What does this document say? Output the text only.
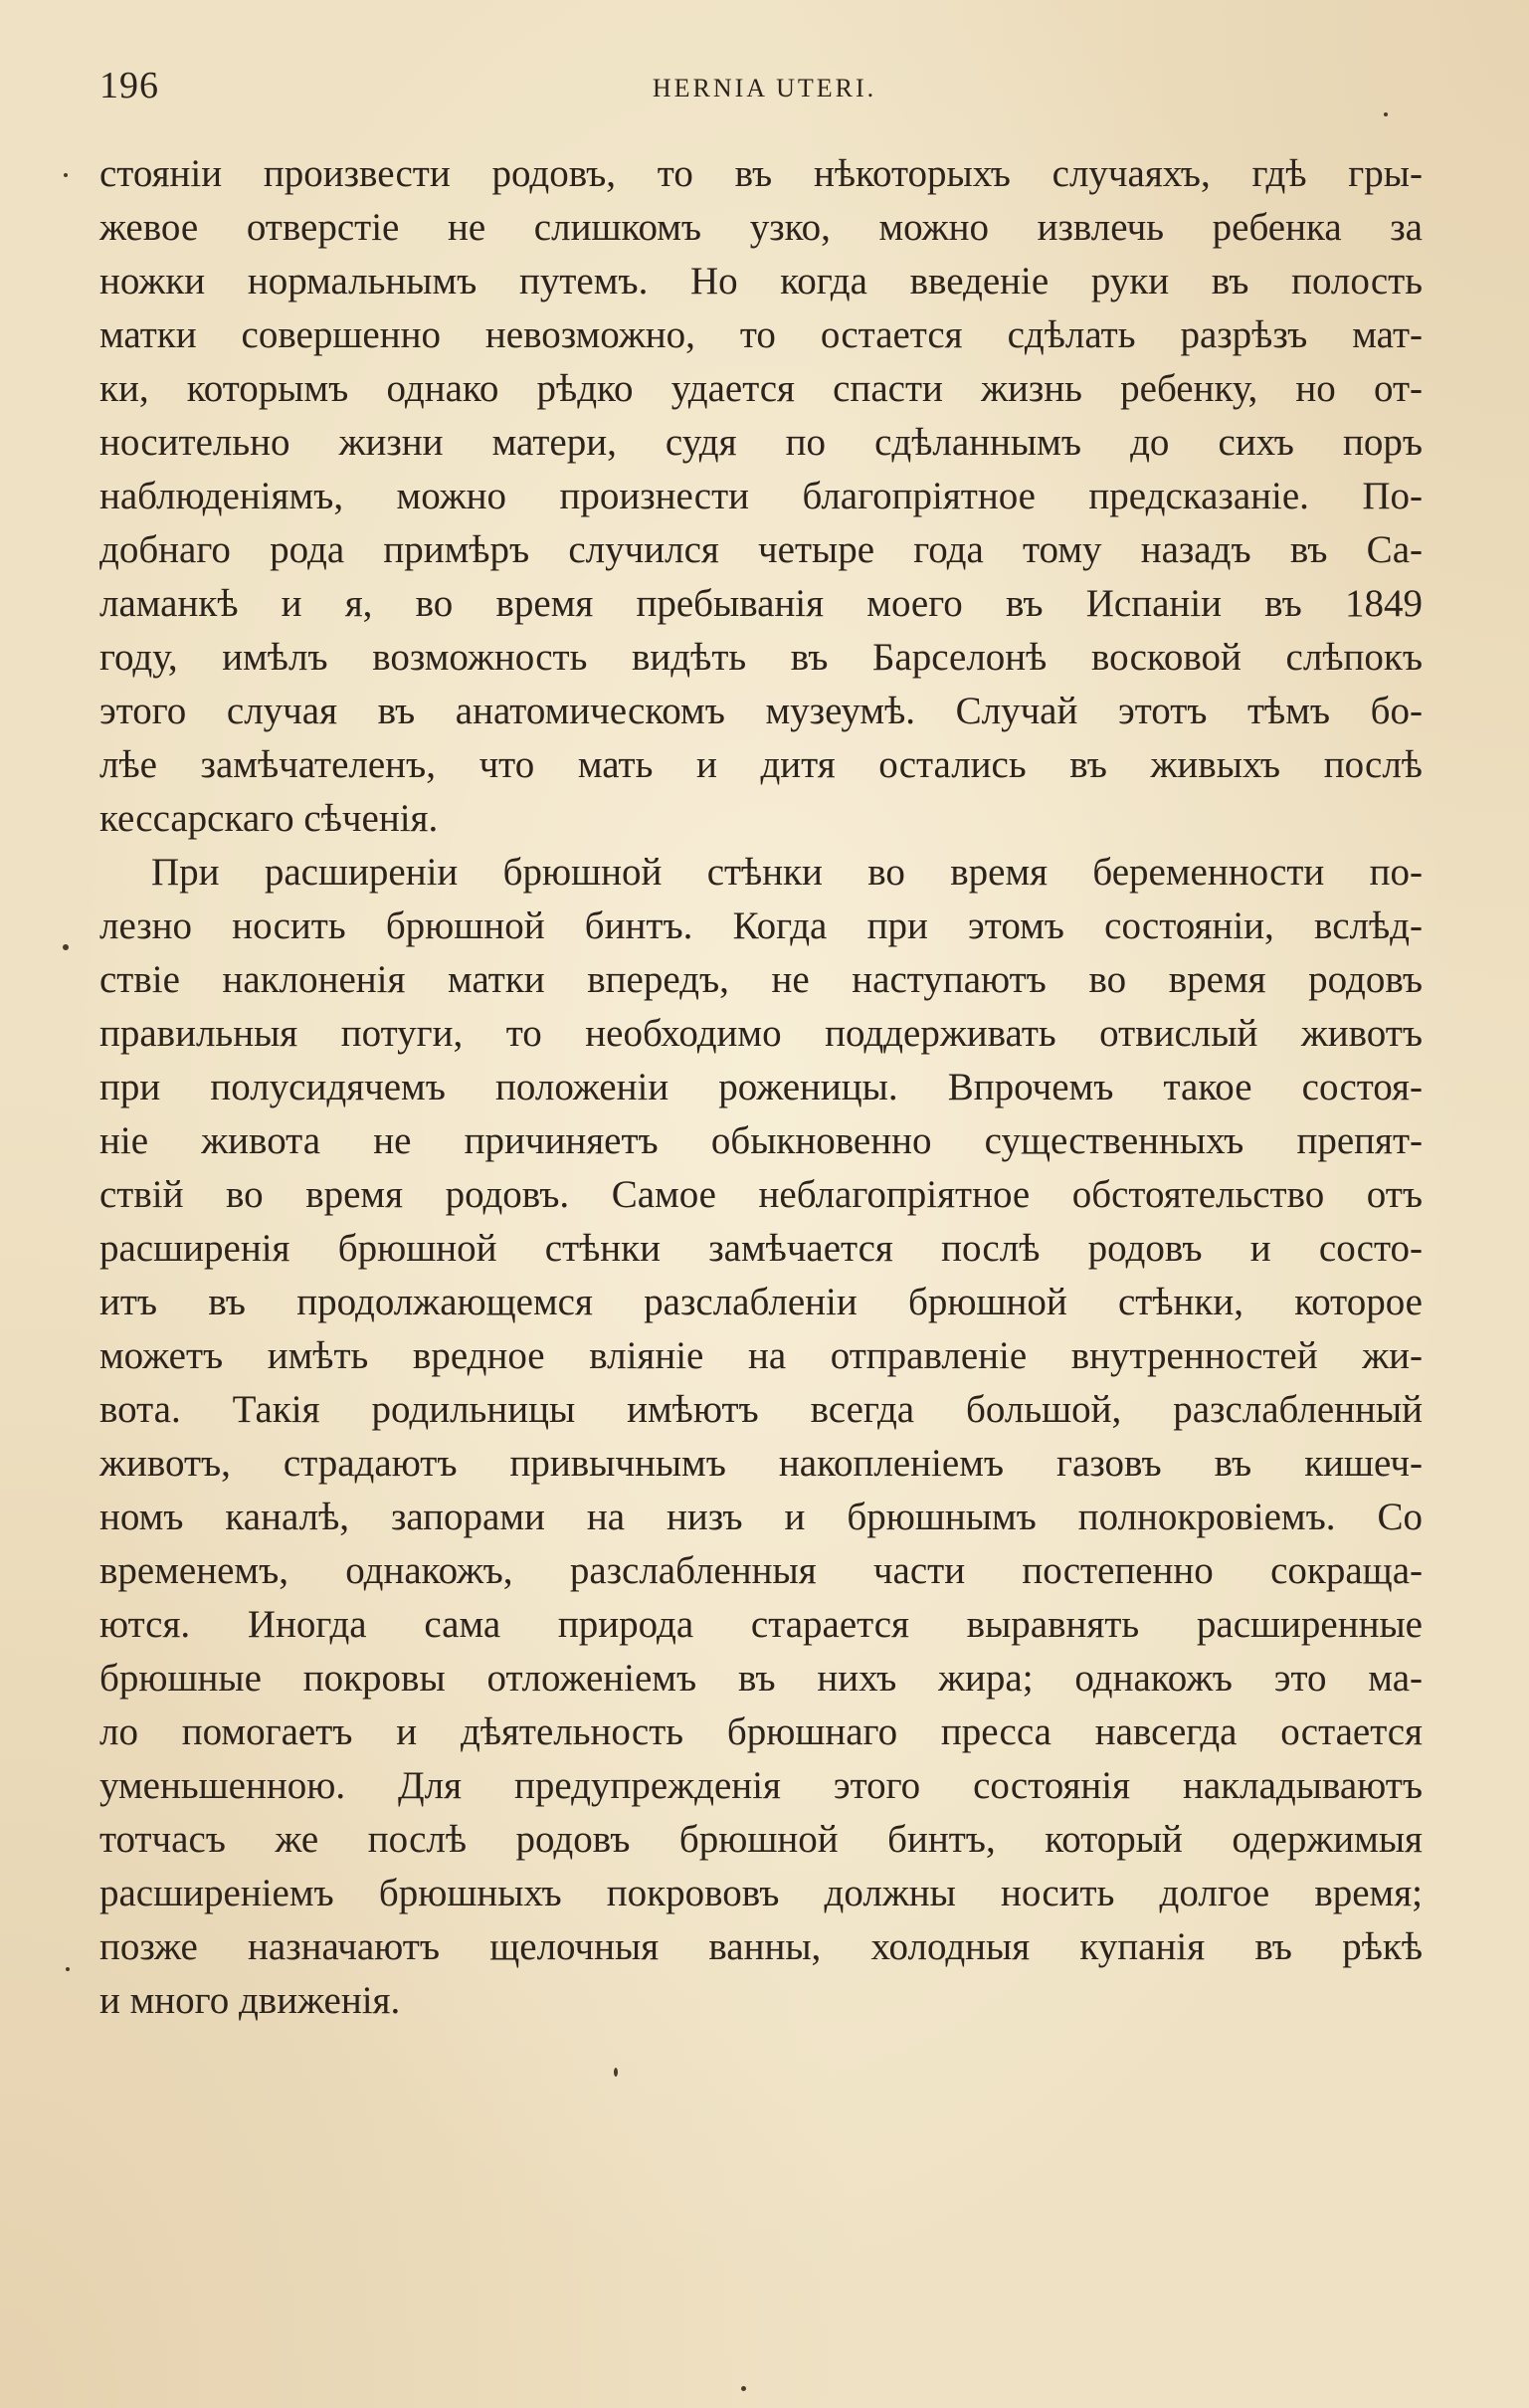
196	HERNIA UTERI.
стояніи произвести родовъ, то въ нѣкоторыхъ случаяхъ, гдѣ гры-
жевое отверстіе не слишкомъ узко, можно извлечь ребенка за
ножки нормальнымъ путемъ. Но когда введеніе руки въ полость
матки совершенно невозможно, то остается сдѣлать разрѣзъ мат-
ки, которымъ однако рѣдко удается спасти жизнь ребенку, но от-
носительно жизни матери, судя по сдѣланнымъ до сихъ поръ
наблюденіямъ, можно произнести благопріятное предсказаніе. По-
добнаго рода примѣръ случился четыре года тому назадъ въ Са-
ламанкѣ и я, во время пребыванія моего въ Испаніи въ 1849
году, имѣлъ возможность видѣть въ Барселонѣ восковой слѣпокъ
этого случая въ анатомическомъ музеумѣ. Случай этотъ тѣмъ бо-
лѣе замѣчателенъ, что мать и дитя остались въ живыхъ послѣ
кессарскаго сѣченія.
При расширеніи брюшной стѣнки во время беременности по-
лезно носить брюшной бинтъ. Когда при этомъ состояніи, вслѣд-
ствіе наклоненія матки впередъ, не наступаютъ во время родовъ
правильныя потуги, то необходимо поддерживать отвислый животъ
при полусидячемъ положеніи роженицы. Впрочемъ такое состоя-
ніе живота не причиняетъ обыкновенно существенныхъ препят-
ствій во время родовъ. Самое неблагопріятное обстоятельство отъ
расширенія брюшной стѣнки замѣчается послѣ родовъ и состо-
итъ въ продолжающемся разслабленіи брюшной стѣнки, которое
можетъ имѣть вредное вліяніе на отправленіе внутренностей жи-
вота. Такія родильницы имѣютъ всегда большой, разслабленный
животъ, страдаютъ привычнымъ накопленіемъ газовъ въ кишеч-
номъ каналѣ, запорами на низъ и брюшнымъ полнокровіемъ. Со
временемъ, однакожъ, разслабленныя части постепенно сокраща-
ются. Иногда сама природа старается выравнять расширенные
брюшные покровы отложеніемъ въ нихъ жира; однакожъ это ма-
ло помогаетъ и дѣятельность брюшнаго пресса навсегда остается
уменьшенною. Для предупрежденія этого состоянія накладываютъ
тотчасъ же послѣ родовъ брюшной бинтъ, который одержимыя
расширеніемъ брюшныхъ покрововъ должны носить долгое время;
позже назначаютъ щелочныя ванны, холодныя купанія въ рѣкѣ
и много движенія.
